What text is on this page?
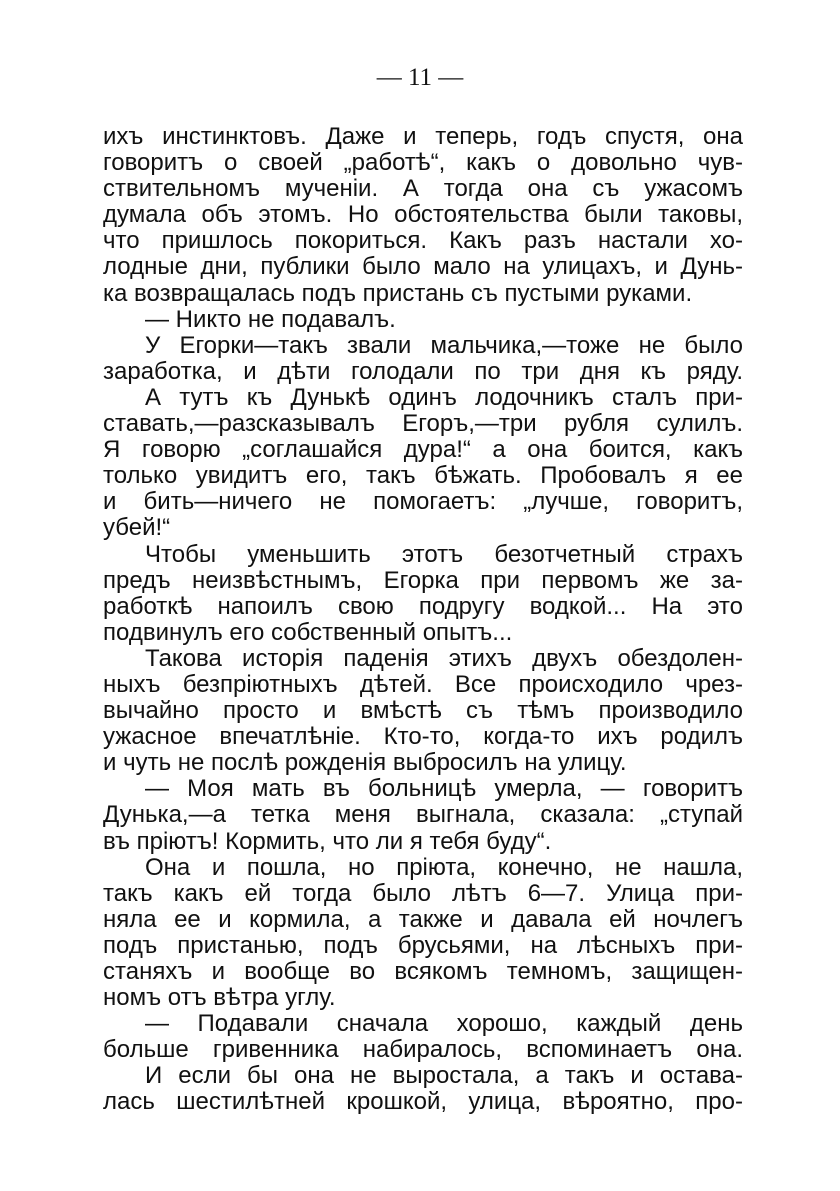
— 11 —
ихъ инстинктовъ. Даже и теперь, годъ спустя, она
говоритъ о своей „работѣ“, какъ о довольно чув-
ствительномъ мученіи. А тогда она съ ужасомъ
думала объ этомъ. Но обстоятельства были таковы,
что пришлось покориться. Какъ разъ настали хо-
лодные дни, публики было мало на улицахъ, и Дунь-
ка возвращалась подъ пристань съ пустыми руками.
— Никто не подавалъ.
У Егорки—такъ звали мальчика,—тоже не было
заработка, и дѣти голодали по три дня къ ряду.
А тутъ къ Дунькѣ одинъ лодочникъ сталъ при-
ставать,—разсказывалъ Егоръ,—три рубля сулилъ.
Я говорю „соглашайся дура!“ а она боится, какъ
только увидитъ его, такъ бѣжать. Пробовалъ я ее
и бить—ничего не помогаетъ: „лучше, говоритъ,
убей!“
Чтобы уменьшить этотъ безотчетный страхъ
предъ неизвѣстнымъ, Егорка при первомъ же за-
работкѣ напоилъ свою подругу водкой... На это
подвинулъ его собственный опытъ...
Такова исторія паденія этихъ двухъ обездолен-
ныхъ безпріютныхъ дѣтей. Все происходило чрез-
вычайно просто и вмѣстѣ съ тѣмъ производило
ужасное впечатлѣніе. Кто-то, когда-то ихъ родилъ
и чуть не послѣ рожденія выбросилъ на улицу.
— Моя мать въ больницѣ умерла, — говоритъ
Дунька,—а тетка меня выгнала, сказала: „ступай
въ пріютъ! Кормить, что ли я тебя буду“.
Она и пошла, но пріюта, конечно, не нашла,
такъ какъ ей тогда было лѣтъ 6—7. Улица при-
няла ее и кормила, а также и давала ей ночлегъ
подъ пристанью, подъ брусьями, на лѣсныхъ при-
станяхъ и вообще во всякомъ темномъ, защищен-
номъ отъ вѣтра углу.
— Подавали сначала хорошо, каждый день
больше гривенника набиралось, вспоминаетъ она.
И если бы она не выростала, а такъ и остава-
лась шестилѣтней крошкой, улица, вѣроятно, про-
